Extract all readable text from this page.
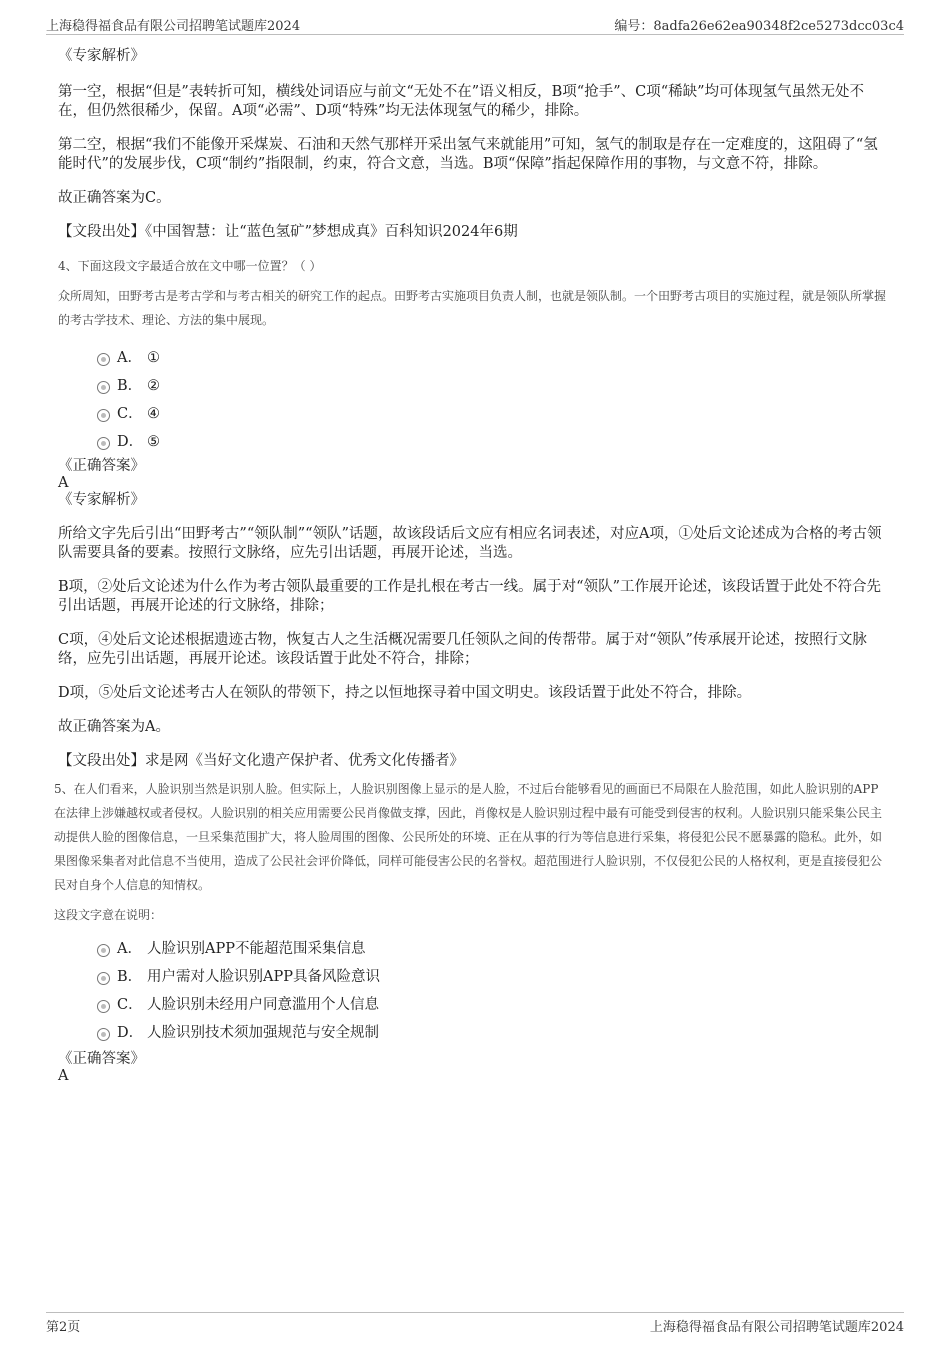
上海稳得福食品有限公司招聘笔试题库2024	编号：8adfa26e62ea90348f2ce5273dcc03c4

《专家解析》

第一空，根据“但是”表转折可知，横线处词语应与前文“无处不在”语义相反，B项“抢手”、C项“稀缺”均可体现氢气虽然无处不在，但仍然很稀少，保留。A项“必需”、D项“特殊”均无法体现氢气的稀少，排除。

第二空，根据“我们不能像开采煤炭、石油和天然气那样开采出氢气来就能用”可知，氢气的制取是存在一定难度的，这阻碍了“氢能时代”的发展步伐，C项“制约”指限制，约束，符合文意，当选。B项“保障”指起保障作用的事物，与文意不符，排除。

故正确答案为C。

【文段出处】《中国智慧：让“蓝色氢矿”梦想成真》百科知识2024年6期

4、下面这段文字最适合放在文中哪一位置？（ ）

众所周知，田野考古是考古学和与考古相关的研究工作的起点。田野考古实施项目负责人制，也就是领队制。一个田野考古项目的实施过程，就是领队所掌握的考古学技术、理论、方法的集中展现。

A． ①
B． ②
C． ④
D． ⑤

《正确答案》

A

《专家解析》

所给文字先后引出“田野考古”“领队制”“领队”话题，故该段话后文应有相应名词表述，对应A项，①处后文论述成为合格的考古领队需要具备的要素。按照行文脉络，应先引出话题，再展开论述，当选。

B项，②处后文论述为什么作为考古领队最重要的工作是扎根在考古一线。属于对“领队”工作展开论述，该段话置于此处不符合先引出话题，再展开论述的行文脉络，排除；

C项，④处后文论述根据遗迹古物，恢复古人之生活概况需要几任领队之间的传帮带。属于对“领队”传承展开论述，按照行文脉络，应先引出话题，再展开论述。该段话置于此处不符合，排除；

D项，⑤处后文论述考古人在领队的带领下，持之以恒地探寻着中国文明史。该段话置于此处不符合，排除。

故正确答案为A。

【文段出处】求是网《当好文化遗产保护者、优秀文化传播者》

5、在人们看来，人脸识别当然是识别人脸。但实际上，人脸识别图像上显示的是人脸，不过后台能够看见的画面已不局限在人脸范围，如此人脸识别的APP在法律上涉嫌越权或者侵权。人脸识别的相关应用需要公民肖像做支撑，因此，肖像权是人脸识别过程中最有可能受到侵害的权利。人脸识别只能采集公民主动提供人脸的图像信息，一旦采集范围扩大，将人脸周围的图像、公民所处的环境、正在从事的行为等信息进行采集，将侵犯公民不愿暴露的隐私。此外，如果图像采集者对此信息不当使用，造成了公民社会评价降低，同样可能侵害公民的名誉权。超范围进行人脸识别，不仅侵犯公民的人格权利，更是直接侵犯公民对自身个人信息的知情权。

这段文字意在说明：

A． 人脸识别APP不能超范围采集信息
B． 用户需对人脸识别APP具备风险意识
C． 人脸识别未经用户同意滥用个人信息
D． 人脸识别技术须加强规范与安全规制

《正确答案》

A

第2页	上海稳得福食品有限公司招聘笔试题库2024
